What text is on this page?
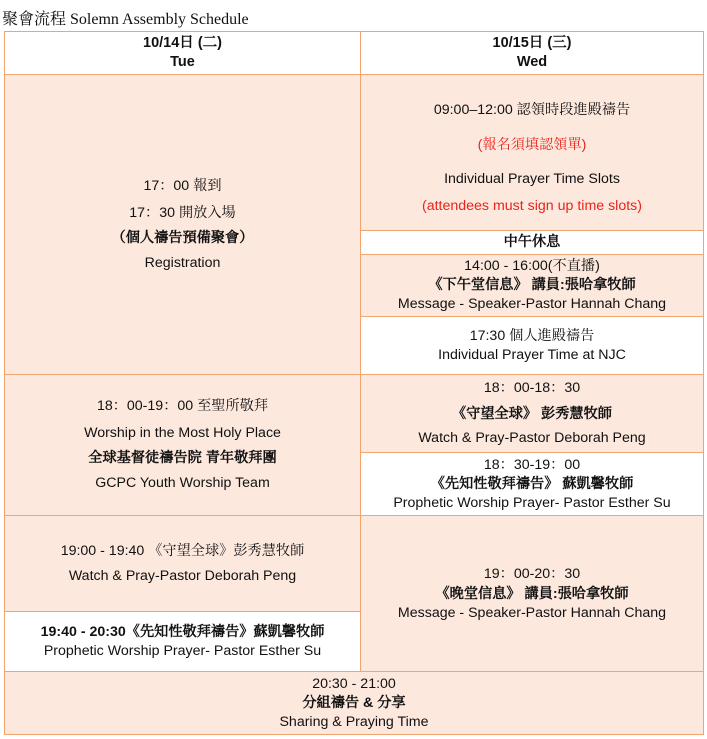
聚會流程 Solemn Assembly Schedule
10/14日 (二)
Tue
10/15日 (三)
Wed
17：00 報到
17：30 開放入場
（個人禱告預備聚會）
Registration
09:00–12:00 認領時段進殿禱告
(報名須填認領單)
Individual Prayer Time Slots
(attendees must sign up time slots)
中午休息
14:00 - 16:00(不直播)
《下午堂信息》 講員:張哈拿牧師
Message - Speaker-Pastor Hannah Chang
17:30 個人進殿禱告
Individual Prayer Time at NJC
18：00-19：00 至聖所敬拜
Worship in the Most Holy Place
全球基督徒禱告院 青年敬拜團
GCPC Youth Worship Team
18：00-18：30
《守望全球》 彭秀慧牧師
Watch & Pray-Pastor Deborah Peng
18：30-19：00
《先知性敬拜禱告》 蘇凱馨牧師
Prophetic Worship Prayer- Pastor Esther Su
19:00 - 19:40 《守望全球》彭秀慧牧師
Watch & Pray-Pastor Deborah Peng
19:40 - 20:30《先知性敬拜禱告》蘇凱馨牧師
Prophetic Worship Prayer- Pastor Esther Su
19：00-20：30
《晚堂信息》 講員:張哈拿牧師
Message - Speaker-Pastor Hannah Chang
20:30 - 21:00
分組禱告 & 分享
Sharing & Praying Time
